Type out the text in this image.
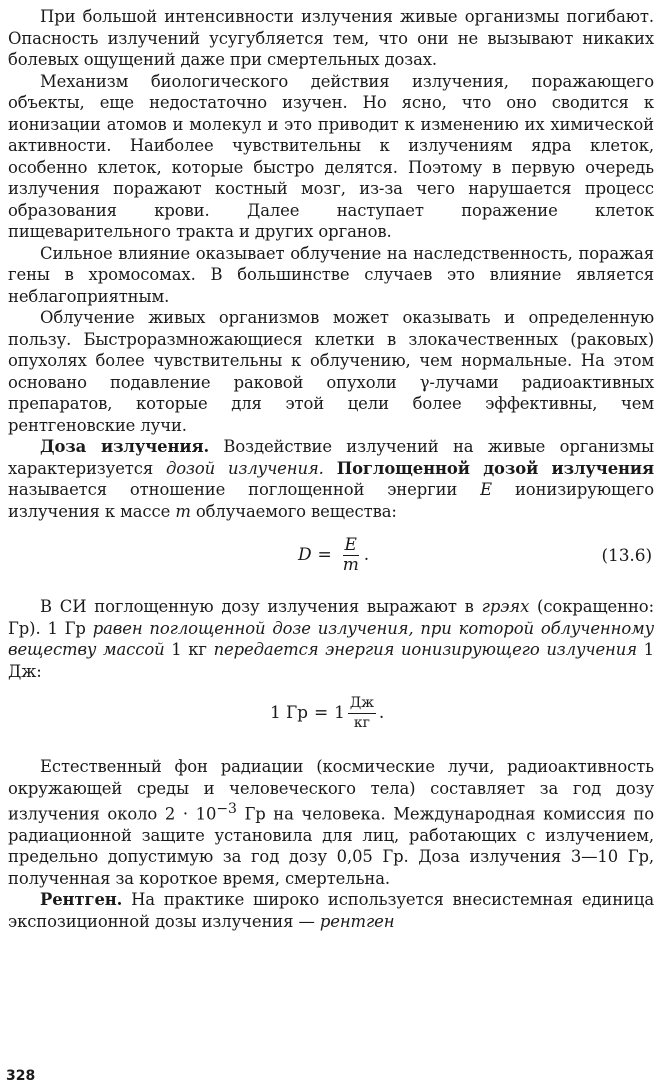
При большой интенсивности излучения живые организмы погибают. Опасность излучений усугубляется тем, что они не вызывают никаких болевых ощущений даже при смертельных дозах.

Механизм биологического действия излучения, поражающего объекты, еще недостаточно изучен. Но ясно, что оно сводится к ионизации атомов и молекул и это приводит к изменению их химической активности. Наиболее чувствительны к излучениям ядра клеток, особенно клеток, которые быстро делятся. Поэтому в первую очередь излучения поражают костный мозг, из-за чего нарушается процесс образования крови. Далее наступает поражение клеток пищеварительного тракта и других органов.

Сильное влияние оказывает облучение на наследственность, поражая гены в хромосомах. В большинстве случаев это влияние является неблагоприятным.

Облучение живых организмов может оказывать и определенную пользу. Быстроразмножающиеся клетки в злокачественных (раковых) опухолях более чувствительны к облучению, чем нормальные. На этом основано подавление раковой опухоли γ-лучами радиоактивных препаратов, которые для этой цели более эффективны, чем рентгеновские лучи.

Доза излучения. Воздействие излучений на живые организмы характеризуется дозой излучения. Поглощенной дозой излучения называется отношение поглощенной энергии E ионизирующего излучения к массе m облучаемого вещества:

$D = \frac{E}{m}$ .	(13.6)

В СИ поглощенную дозу излучения выражают в грэях (сокращенно: Гр). 1 Гр равен поглощенной дозе излучения, при которой облученному веществу массой 1 кг передается энергия ионизирующего излучения 1 Дж:

1 Гр = $1 \frac{Дж}{кг}$ .

Естественный фон радиации (космические лучи, радиоактивность окружающей среды и человеческого тела) составляет за год дозу излучения около $2 \cdot 10^{-3}$ Гр на человека. Международная комиссия по радиационной защите установила для лиц, работающих с излучением, предельно допустимую за год дозу 0,05 Гр. Доза излучения 3—10 Гр, полученная за короткое время, смертельна.

Рентген. На практике широко используется внесистемная единица экспозиционной дозы излучения — рентген

328
